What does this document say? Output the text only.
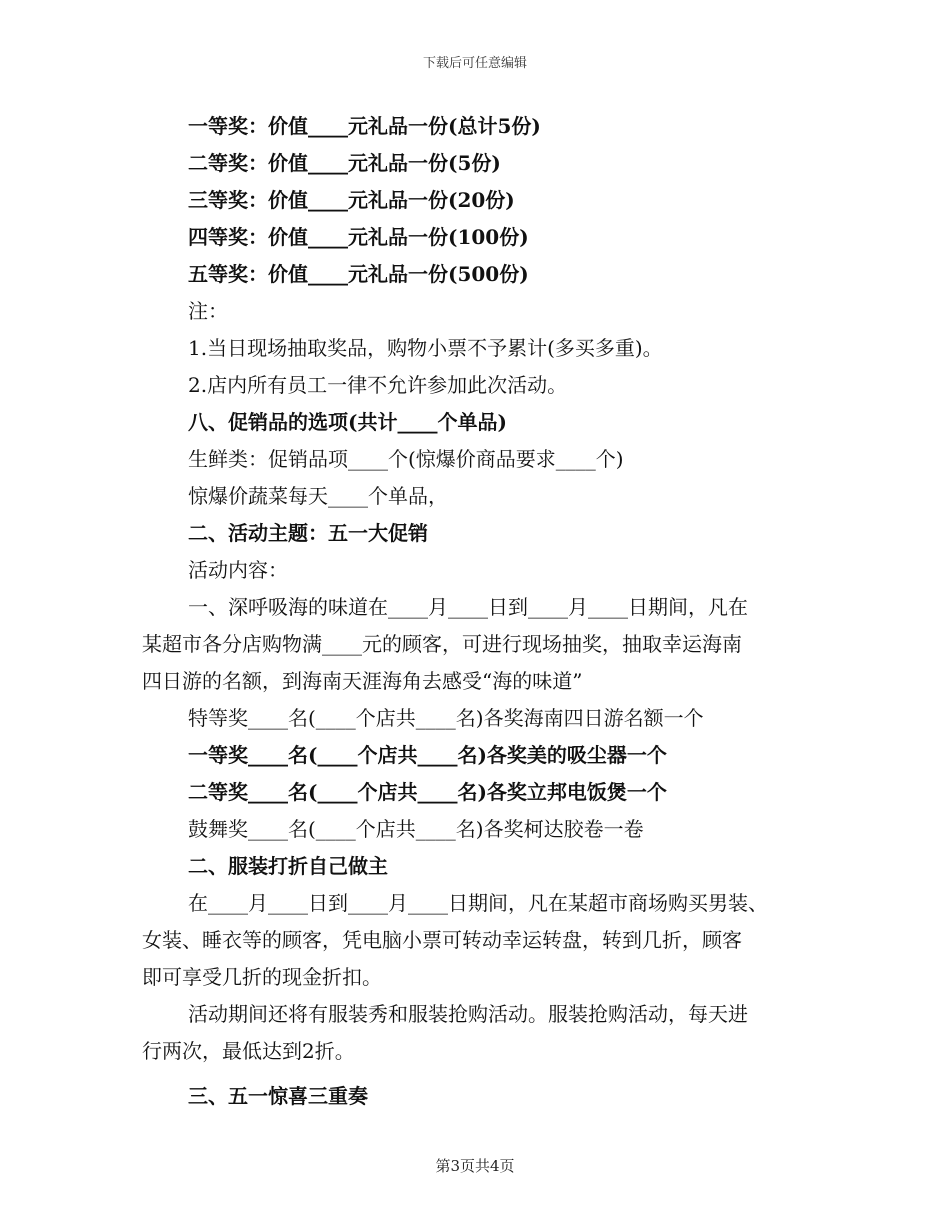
下载后可任意编辑
一等奖：价值____元礼品一份(总计5份)
二等奖：价值____元礼品一份(5份)
三等奖：价值____元礼品一份(20份)
四等奖：价值____元礼品一份(100份)
五等奖：价值____元礼品一份(500份)
注：
1.当日现场抽取奖品，购物小票不予累计(多买多重)。
2.店内所有员工一律不允许参加此次活动。
八、促销品的选项(共计____个单品)
生鲜类：促销品项____个(惊爆价商品要求____个)
惊爆价蔬菜每天____个单品，
二、活动主题：五一大促销
活动内容：
一、深呼吸海的味道在____月____日到____月____日期间，凡在
某超市各分店购物满____元的顾客，可进行现场抽奖，抽取幸运海南
四日游的名额，到海南天涯海角去感受“海的味道”
特等奖____名(____个店共____名)各奖海南四日游名额一个
一等奖____名(____个店共____名)各奖美的吸尘器一个
二等奖____名(____个店共____名)各奖立邦电饭煲一个
鼓舞奖____名(____个店共____名)各奖柯达胶卷一卷
二、服装打折自己做主
在____月____日到____月____日期间，凡在某超市商场购买男装、
女装、睡衣等的顾客，凭电脑小票可转动幸运转盘，转到几折，顾客
即可享受几折的现金折扣。
活动期间还将有服装秀和服装抢购活动。服装抢购活动，每天进
行两次，最低达到2折。
三、五一惊喜三重奏
第3页共4页
